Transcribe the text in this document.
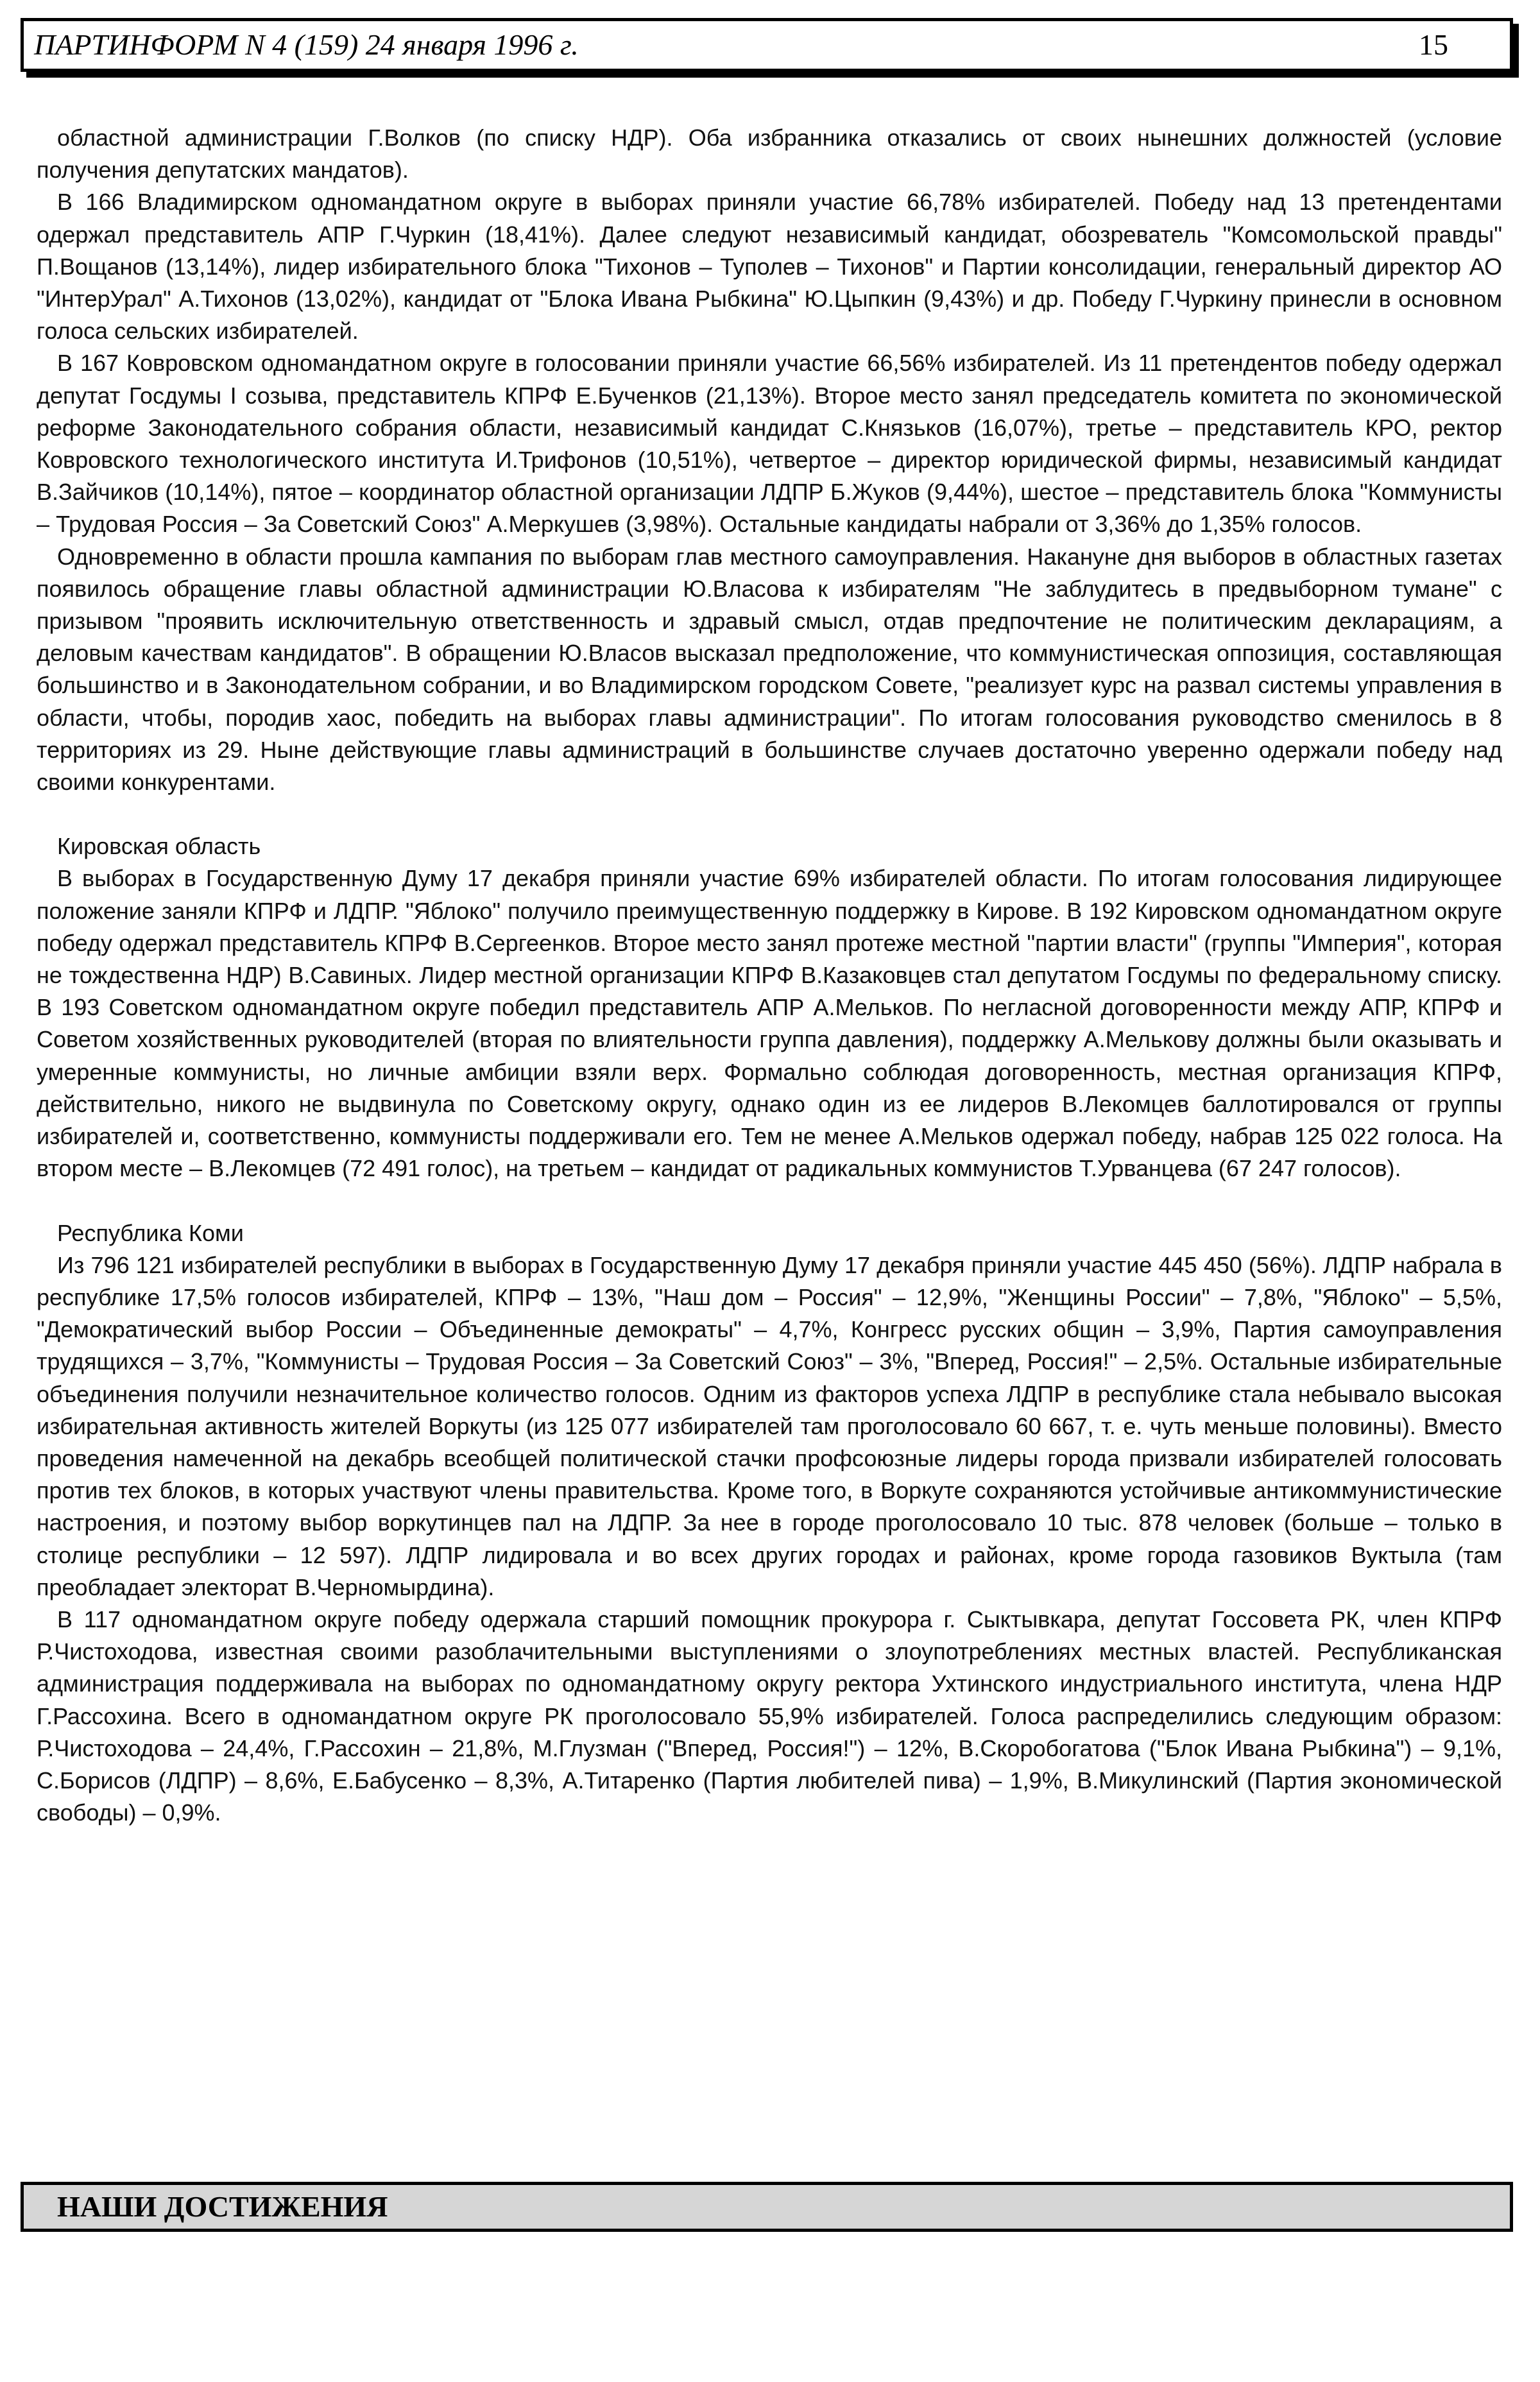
ПАРТИНФОРМ N 4 (159) 24 января 1996 г.	15

областной администрации Г.Волков (по списку НДР). Оба избранника отказались от своих нынешних должностей (условие получения депутатских мандатов).

В 166 Владимирском одномандатном округе в выборах приняли участие 66,78% избирателей. Победу над 13 претендентами одержал представитель АПР Г.Чуркин (18,41%). Далее следуют независимый кандидат, обозреватель "Комсомольской правды" П.Вощанов (13,14%), лидер избирательного блока "Тихонов – Туполев – Тихонов" и Партии консолидации, генеральный директор АО "ИнтерУрал" А.Тихонов (13,02%), кандидат от "Блока Ивана Рыбкина" Ю.Цыпкин (9,43%) и др. Победу Г.Чуркину принесли в основном голоса сельских избирателей.

В 167 Ковровском одномандатном округе в голосовании приняли участие 66,56% избирателей. Из 11 претендентов победу одержал депутат Госдумы I созыва, представитель КПРФ Е.Бученков (21,13%). Второе место занял председатель комитета по экономической реформе Законодательного собрания области, независимый кандидат С.Князьков (16,07%), третье – представитель КРО, ректор Ковровского технологического института И.Трифонов (10,51%), четвертое – директор юридической фирмы, независимый кандидат В.Зайчиков (10,14%), пятое – координатор областной организации ЛДПР Б.Жуков (9,44%), шестое – представитель блока "Коммунисты – Трудовая Россия – За Советский Союз" А.Меркушев (3,98%). Остальные кандидаты набрали от 3,36% до 1,35% голосов.

Одновременно в области прошла кампания по выборам глав местного самоуправления. Накануне дня выборов в областных газетах появилось обращение главы областной администрации Ю.Власова к избирателям "Не заблудитесь в предвыборном тумане" с призывом "проявить исключительную ответственность и здравый смысл, отдав предпочтение не политическим декларациям, а деловым качествам кандидатов". В обращении Ю.Власов высказал предположение, что коммунистическая оппозиция, составляющая большинство и в Законодательном собрании, и во Владимирском городском Совете, "реализует курс на развал системы управления в области, чтобы, породив хаос, победить на выборах главы администрации". По итогам голосования руководство сменилось в 8 территориях из 29. Ныне действующие главы администраций в большинстве случаев достаточно уверенно одержали победу над своими конкурентами.

Кировская область

В выборах в Государственную Думу 17 декабря приняли участие 69% избирателей области. По итогам голосования лидирующее положение заняли КПРФ и ЛДПР. "Яблоко" получило преимущественную поддержку в Кирове. В 192 Кировском одномандатном округе победу одержал представитель КПРФ В.Сергеенков. Второе место занял протеже местной "партии власти" (группы "Империя", которая не тождественна НДР) В.Савиных. Лидер местной организации КПРФ В.Казаковцев стал депутатом Госдумы по федеральному списку. В 193 Советском одномандатном округе победил представитель АПР А.Мельков. По негласной договоренности между АПР, КПРФ и Советом хозяйственных руководителей (вторая по влиятельности группа давления), поддержку А.Мелькову должны были оказывать и умеренные коммунисты, но личные амбиции взяли верх. Формально соблюдая договоренность, местная организация КПРФ, действительно, никого не выдвинула по Советскому округу, однако один из ее лидеров В.Лекомцев баллотировался от группы избирателей и, соответственно, коммунисты поддерживали его. Тем не менее А.Мельков одержал победу, набрав 125 022 голоса. На втором месте – В.Лекомцев (72 491 голос), на третьем – кандидат от радикальных коммунистов Т.Урванцева (67 247 голосов).

Республика Коми

Из 796 121 избирателей республики в выборах в Государственную Думу 17 декабря приняли участие 445 450 (56%). ЛДПР набрала в республике 17,5% голосов избирателей, КПРФ – 13%, "Наш дом – Россия" – 12,9%, "Женщины России" – 7,8%, "Яблоко" – 5,5%, "Демократический выбор России – Объединенные демократы" – 4,7%, Конгресс русских общин – 3,9%, Партия самоуправления трудящихся – 3,7%, "Коммунисты – Трудовая Россия – За Советский Союз" – 3%, "Вперед, Россия!" – 2,5%. Остальные избирательные объединения получили незначительное количество голосов. Одним из факторов успеха ЛДПР в республике стала небывало высокая избирательная активность жителей Воркуты (из 125 077 избирателей там проголосовало 60 667, т. е. чуть меньше половины). Вместо проведения намеченной на декабрь всеобщей политической стачки профсоюзные лидеры города призвали избирателей голосовать против тех блоков, в которых участвуют члены правительства. Кроме того, в Воркуте сохраняются устойчивые антикоммунистические настроения, и поэтому выбор воркутинцев пал на ЛДПР. За нее в городе проголосовало 10 тыс. 878 человек (больше – только в столице республики – 12 597). ЛДПР лидировала и во всех других городах и районах, кроме города газовиков Вуктыла (там преобладает электорат В.Черномырдина).

В 117 одномандатном округе победу одержала старший помощник прокурора г. Сыктывкара, депутат Госсовета РК, член КПРФ Р.Чистоходова, известная своими разоблачительными выступлениями о злоупотреблениях местных властей. Республиканская администрация поддерживала на выборах по одномандатному округу ректора Ухтинского индустриального института, члена НДР Г.Рассохина. Всего в одномандатном округе РК проголосовало 55,9% избирателей. Голоса распределились следующим образом: Р.Чистоходова – 24,4%, Г.Рассохин – 21,8%, М.Глузман ("Вперед, Россия!") – 12%, В.Скоробогатова ("Блок Ивана Рыбкина") – 9,1%, С.Борисов (ЛДПР) – 8,6%, Е.Бабусенко – 8,3%, А.Титаренко (Партия любителей пива) – 1,9%, В.Микулинский (Партия экономической свободы) – 0,9%.

НАШИ ДОСТИЖЕНИЯ
